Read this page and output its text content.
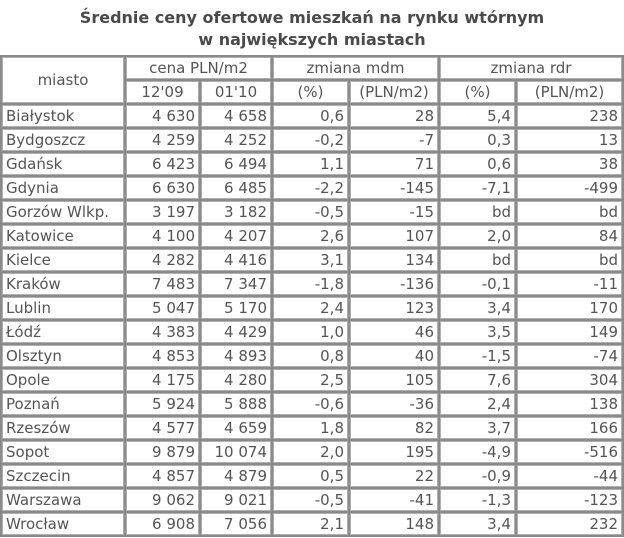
Średnie ceny ofertowe mieszkań na rynku wtórnym
w największych miastach
miasto	cena PLN/m2		zmiana mdm		zmiana rdr	
	12'09	01'10	(%)	(PLN/m2)	(%)	(PLN/m2)
Białystok	4 630	4 658	0,6	28	5,4	238
Bydgoszcz	4 259	4 252	-0,2	-7	0,3	13
Gdańsk	6 423	6 494	1,1	71	0,6	38
Gdynia	6 630	6 485	-2,2	-145	-7,1	-499
Gorzów Wlkp.	3 197	3 182	-0,5	-15	bd	bd
Katowice	4 100	4 207	2,6	107	2,0	84
Kielce	4 282	4 416	3,1	134	bd	bd
Kraków	7 483	7 347	-1,8	-136	-0,1	-11
Lublin	5 047	5 170	2,4	123	3,4	170
Łódź	4 383	4 429	1,0	46	3,5	149
Olsztyn	4 853	4 893	0,8	40	-1,5	-74
Opole	4 175	4 280	2,5	105	7,6	304
Poznań	5 924	5 888	-0,6	-36	2,4	138
Rzeszów	4 577	4 659	1,8	82	3,7	166
Sopot	9 879	10 074	2,0	195	-4,9	-516
Szczecin	4 857	4 879	0,5	22	-0,9	-44
Warszawa	9 062	9 021	-0,5	-41	-1,3	-123
Wrocław	6 908	7 056	2,1	148	3,4	232
